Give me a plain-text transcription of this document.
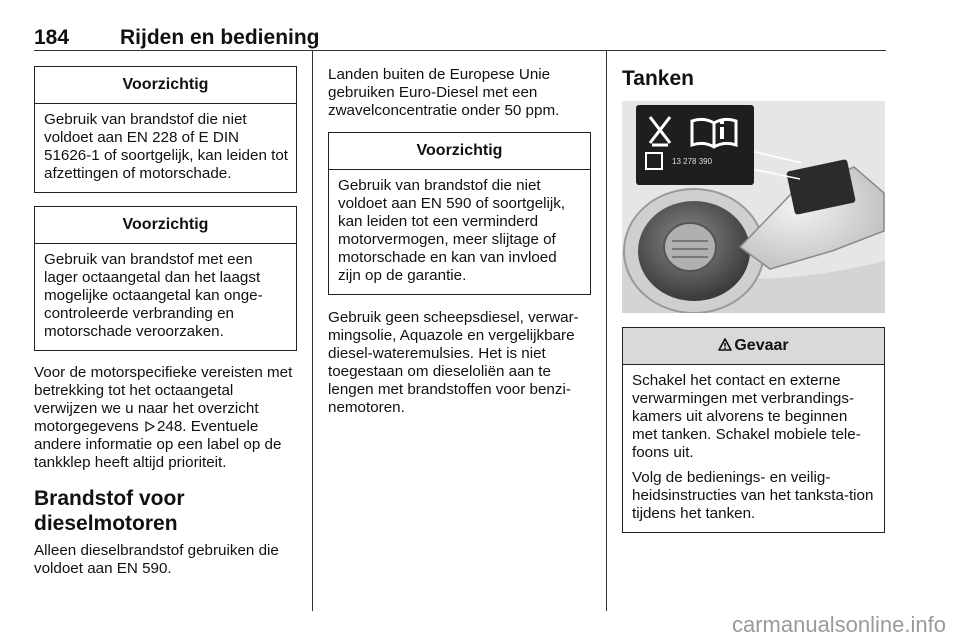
184 Rijden en bediening
Voorzichtig
Gebruik van brandstof die niet voldoet aan EN 228 of E DIN 51626-1 of soortgelijk, kan leiden tot afzettingen of motorschade.
Voorzichtig
Gebruik van brandstof met een lager octaangetal dan het laagst mogelijke octaangetal kan onge-controleerde verbranding en motorschade veroorzaken.

Voor de motorspecifieke vereisten met betrekking tot het octaangetal verwijzen we u naar het overzicht motorgegevens 248. Eventuele andere informatie op een label op de tankklep heeft altijd prioriteit.

Brandstof voor dieselmotoren

Alleen dieselbrandstof gebruiken die voldoet aan EN 590.

Landen buiten de Europese Unie gebruiken Euro-Diesel met een zwavelconcentratie onder 50 ppm.

Voorzichtig
Gebruik van brandstof die niet voldoet aan EN 590 of soortgelijk, kan leiden tot een verminderd motorvermogen, meer slijtage of motorschade en kan van invloed zijn op de garantie.

Gebruik geen scheepsdiesel, verwar-mingsolie, Aquazole en vergelijkbare diesel-wateremulsies. Het is niet toegestaan om dieseloliën aan te lengen met brandstoffen voor benzi-nemotoren.

Tanken
13 278 390
Gevaar

Schakel het contact en externe verwarmingen met verbrandings-kamers uit alvorens te beginnen met tanken. Schakel mobiele tele-foons uit.

Volg de bedienings- en veilig-heidsinstructies van het tanksta-tion tijdens het tanken.

carmanualsonline.info
